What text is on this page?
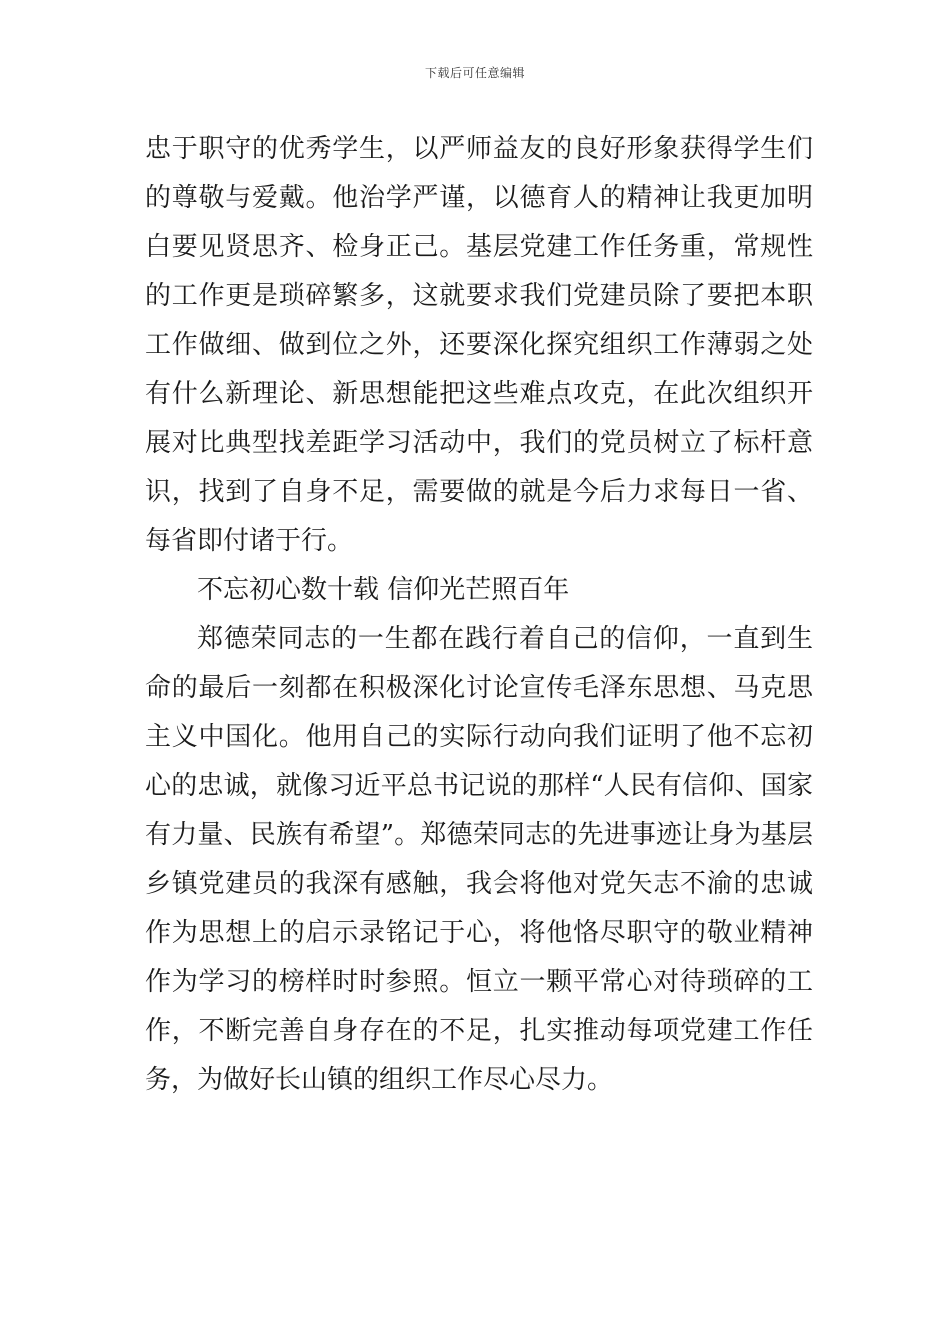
下载后可任意编辑

忠于职守的优秀学生，以严师益友的良好形象获得学生们的尊敬与爱戴。他治学严谨，以德育人的精神让我更加明白要见贤思齐、检身正己。基层党建工作任务重，常规性的工作更是琐碎繁多，这就要求我们党建员除了要把本职工作做细、做到位之外，还要深化探究组织工作薄弱之处有什么新理论、新思想能把这些难点攻克，在此次组织开展对比典型找差距学习活动中，我们的党员树立了标杆意识，找到了自身不足，需要做的就是今后力求每日一省、每省即付诸于行。

不忘初心数十载 信仰光芒照百年

郑德荣同志的一生都在践行着自己的信仰，一直到生命的最后一刻都在积极深化讨论宣传毛泽东思想、马克思主义中国化。他用自己的实际行动向我们证明了他不忘初心的忠诚，就像习近平总书记说的那样“人民有信仰、国家有力量、民族有希望”。郑德荣同志的先进事迹让身为基层乡镇党建员的我深有感触，我会将他对党矢志不渝的忠诚作为思想上的启示录铭记于心，将他恪尽职守的敬业精神作为学习的榜样时时参照。恒立一颗平常心对待琐碎的工作，不断完善自身存在的不足，扎实推动每项党建工作任务，为做好长山镇的组织工作尽心尽力。
